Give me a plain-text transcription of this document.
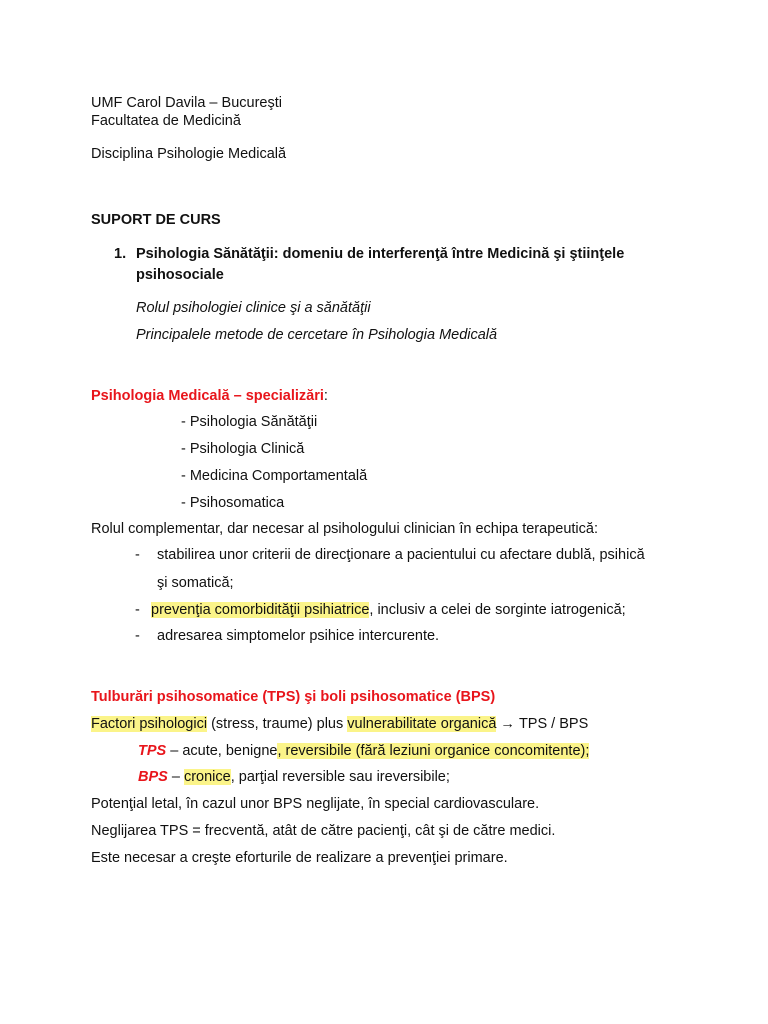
UMF Carol Davila – Bucureşti
Facultatea de Medicină
Disciplina Psihologie Medicală
SUPORT DE CURS
1. Psihologia Sănătăţii: domeniu de interferenţă între Medicină şi ştiinţele
psihosociale
Rolul psihologiei clinice şi a sănătăţii
Principalele metode de cercetare în Psihologia Medicală
Psihologia Medicală – specializări:
- Psihologia Sănătăţii
- Psihologia Clinică
- Medicina Comportamentală
- Psihosomatica
Rolul complementar, dar necesar al psihologului clinician în echipa terapeutică:
- stabilirea unor criterii de direcţionare a pacientului cu afectare dublă, psihică
şi somatică;
- prevenţia comorbidităţii psihiatrice, inclusiv a celei de sorginte iatrogenică;
- adresarea simptomelor psihice intercurente.
Tulburări psihosomatice (TPS) şi boli psihosomatice (BPS)
Factori psihologici (stress, traume) plus vulnerabilitate organică → TPS / BPS
TPS – acute, benigne, reversibile (fără leziuni organice concomitente);
BPS – cronice, parţial reversible sau ireversibile;
Potenţial letal, în cazul unor BPS neglijate, în special cardiovasculare.
Neglijarea TPS = frecventă, atât de către pacienţi, cât şi de către medici.
Este necesar a creşte eforturile de realizare a prevenţiei primare.
